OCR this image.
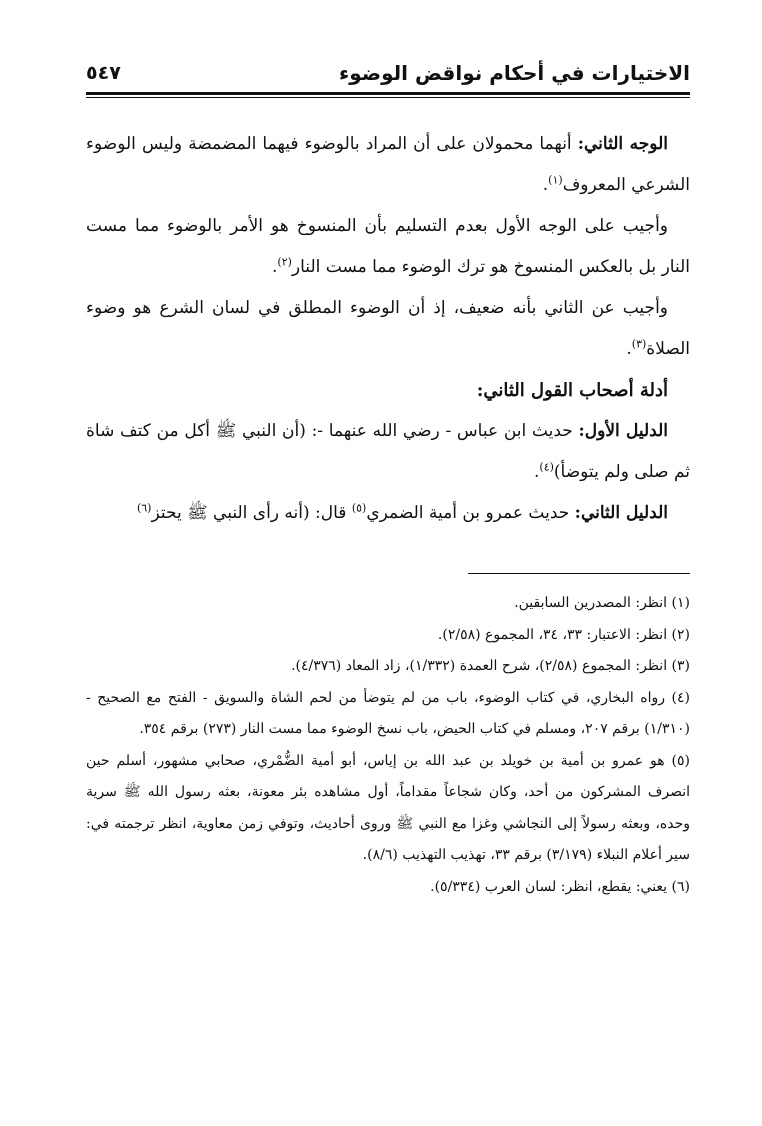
الاختيارات في أحكام نواقض الوضوء
٥٤٧

الوجه الثاني: أنهما محمولان على أن المراد بالوضوء فيهما المضمضة وليس الوضوء الشرعي المعروف$^{(١)}$.

وأجيب على الوجه الأول بعدم التسليم بأن المنسوخ هو الأمر بالوضوء مما مست النار بل بالعكس المنسوخ هو ترك الوضوء مما مست النار$^{(٢)}$.

وأجيب عن الثاني بأنه ضعيف، إذ أن الوضوء المطلق في لسان الشرع هو وضوء الصلاة$^{(٣)}$.

أدلة أصحاب القول الثاني:

الدليل الأول: حديث ابن عباس - رضي الله عنهما -: (أن النبي ﷺ أكل من كتف شاة ثم صلى ولم يتوضأ)$^{(٤)}$.

الدليل الثاني: حديث عمرو بن أمية الضمري$^{(٥)}$ قال: (أنه رأى النبي ﷺ يحتز$^{(٦)}$

(١) انظر: المصدرين السابقين.

(٢) انظر: الاعتبار: ٣٣، ٣٤، المجموع (٢/٥٨).

(٣) انظر: المجموع (٢/٥٨)، شرح العمدة (١/٣٣٢)، زاد المعاد (٤/٣٧٦).

(٤) رواه البخاري، في كتاب الوضوء، باب من لم يتوضأ من لحم الشاة والسويق - الفتح مع الصحيح - (١/٣١٠) برقم ٢٠٧، ومسلم في كتاب الحيض، باب نسخ الوضوء مما مست النار (٢٧٣) برقم ٣٥٤.

(٥) هو عمرو بن أمية بن خويلد بن عبد الله بن إياس، أبو أمية الضُّمْري، صحابي مشهور، أسلم حين انصرف المشركون من أحد، وكان شجاعاً مقداماً، أول مشاهده بئر معونة، بعثه رسول الله ﷺ سرية وحده، وبعثه رسولاً إلى النجاشي وغزا مع النبي ﷺ وروى أحاديث، وتوفي زمن معاوية، انظر ترجمته في: سير أعلام النبلاء (٣/١٧٩) برقم ٣٣، تهذيب التهذيب (٨/٦).

(٦) يعني: يقطع، انظر: لسان العرب (٥/٣٣٤).
